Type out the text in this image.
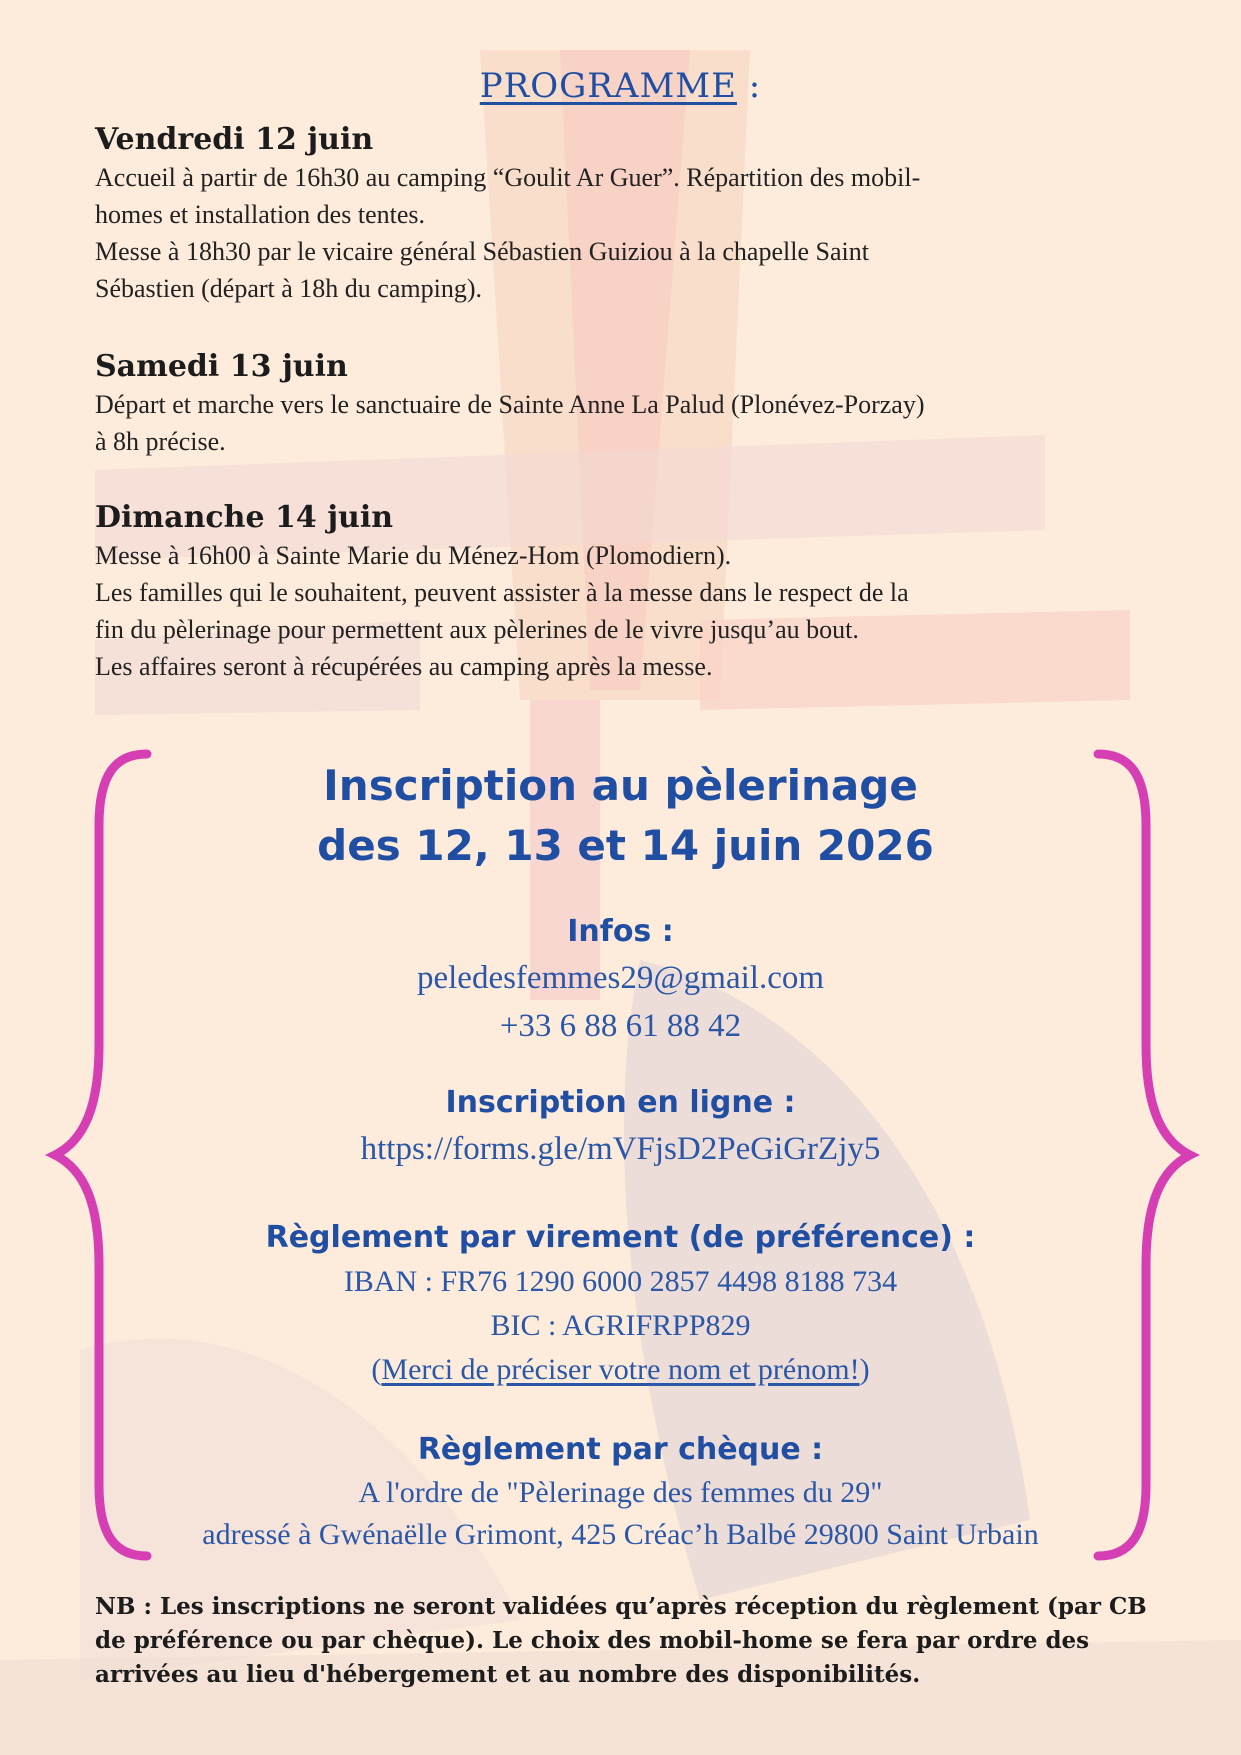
PROGRAMME :
Vendredi 12 juin

Accueil à partir de 16h30 au camping “Goulit Ar Guer”. Répartition des mobil-

homes et installation des tentes.

Messe à 18h30 par le vicaire général Sébastien Guiziou à la chapelle Saint

Sébastien (départ à 18h du camping).

Samedi 13 juin

Départ et marche vers le sanctuaire de Sainte Anne La Palud (Plonévez-Porzay)

à 8h précise.

Dimanche 14 juin

Messe à 16h00 à Sainte Marie du Ménez-Hom (Plomodiern).

Les familles qui le souhaitent, peuvent assister à la messe dans le respect de la

fin du pèlerinage pour permettent aux pèlerines de le vivre jusqu’au bout.

Les affaires seront à récupérées au camping après la messe.

Inscription au pèlerinage
des 12, 13 et 14 juin 2026
Infos :
peledesfemmes29@gmail.com
+33 6 88 61 88 42
Inscription en ligne :
https://forms.gle/mVFjsD2PeGiGrZjy5
Règlement par virement (de préférence) :
IBAN : FR76 1290 6000 2857 4498 8188 734
BIC : AGRIFRPP829
(Merci de préciser votre nom et prénom!)
Règlement par chèque :
A l'ordre de "Pèlerinage des femmes du 29"
adressé à Gwénaëlle Grimont, 425 Créac’h Balbé 29800 Saint Urbain
NB : Les inscriptions ne seront validées qu’après réception du règlement (par CB de préférence ou par chèque). Le choix des mobil-home se fera par ordre des arrivées au lieu d'hébergement et au nombre des disponibilités.
